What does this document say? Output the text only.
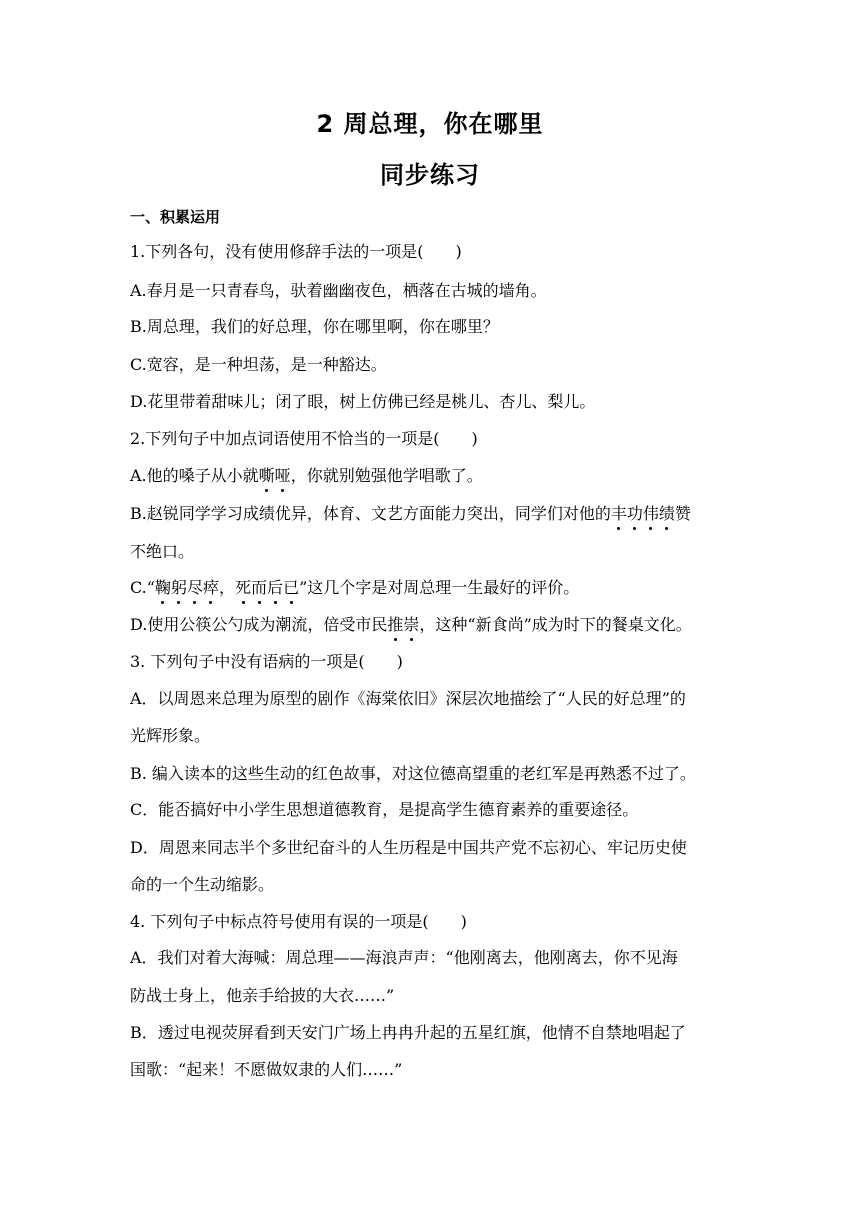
2 周总理，你在哪里
同步练习
一、积累运用
1.下列各句，没有使用修辞手法的一项是(　　)
A.春月是一只青春鸟，驮着幽幽夜色，栖落在古城的墙角。
B.周总理，我们的好总理，你在哪里啊，你在哪里？
C.宽容，是一种坦荡，是一种豁达。
D.花里带着甜味儿；闭了眼，树上仿佛已经是桃儿、杏儿、梨儿。
2.下列句子中加点词语使用不恰当的一项是(　　)
A.他的嗓子从小就嘶哑，你就别勉强他学唱歌了。
B.赵锐同学学习成绩优异，体育、文艺方面能力突出，同学们对他的丰功伟绩赞
不绝口。
C.“鞠躬尽瘁，死而后已”这几个字是对周总理一生最好的评价。
D.使用公筷公勺成为潮流，倍受市民推崇，这种“新食尚”成为时下的餐桌文化。
3. 下列句子中没有语病的一项是(　　)
A．以周恩来总理为原型的剧作《海棠依旧》深层次地描绘了“人民的好总理”的
光辉形象。
B. 编入读本的这些生动的红色故事，对这位德高望重的老红军是再熟悉不过了。
C．能否搞好中小学生思想道德教育，是提高学生德育素养的重要途径。
D．周恩来同志半个多世纪奋斗的人生历程是中国共产党不忘初心、牢记历史使
命的一个生动缩影。
4. 下列句子中标点符号使用有误的一项是(　　)
A．我们对着大海喊：周总理——海浪声声：“他刚离去，他刚离去，你不见海
防战士身上，他亲手给披的大衣……”
B．透过电视荧屏看到天安门广场上冉冉升起的五星红旗，他情不自禁地唱起了
国歌：“起来！不愿做奴隶的人们……”
